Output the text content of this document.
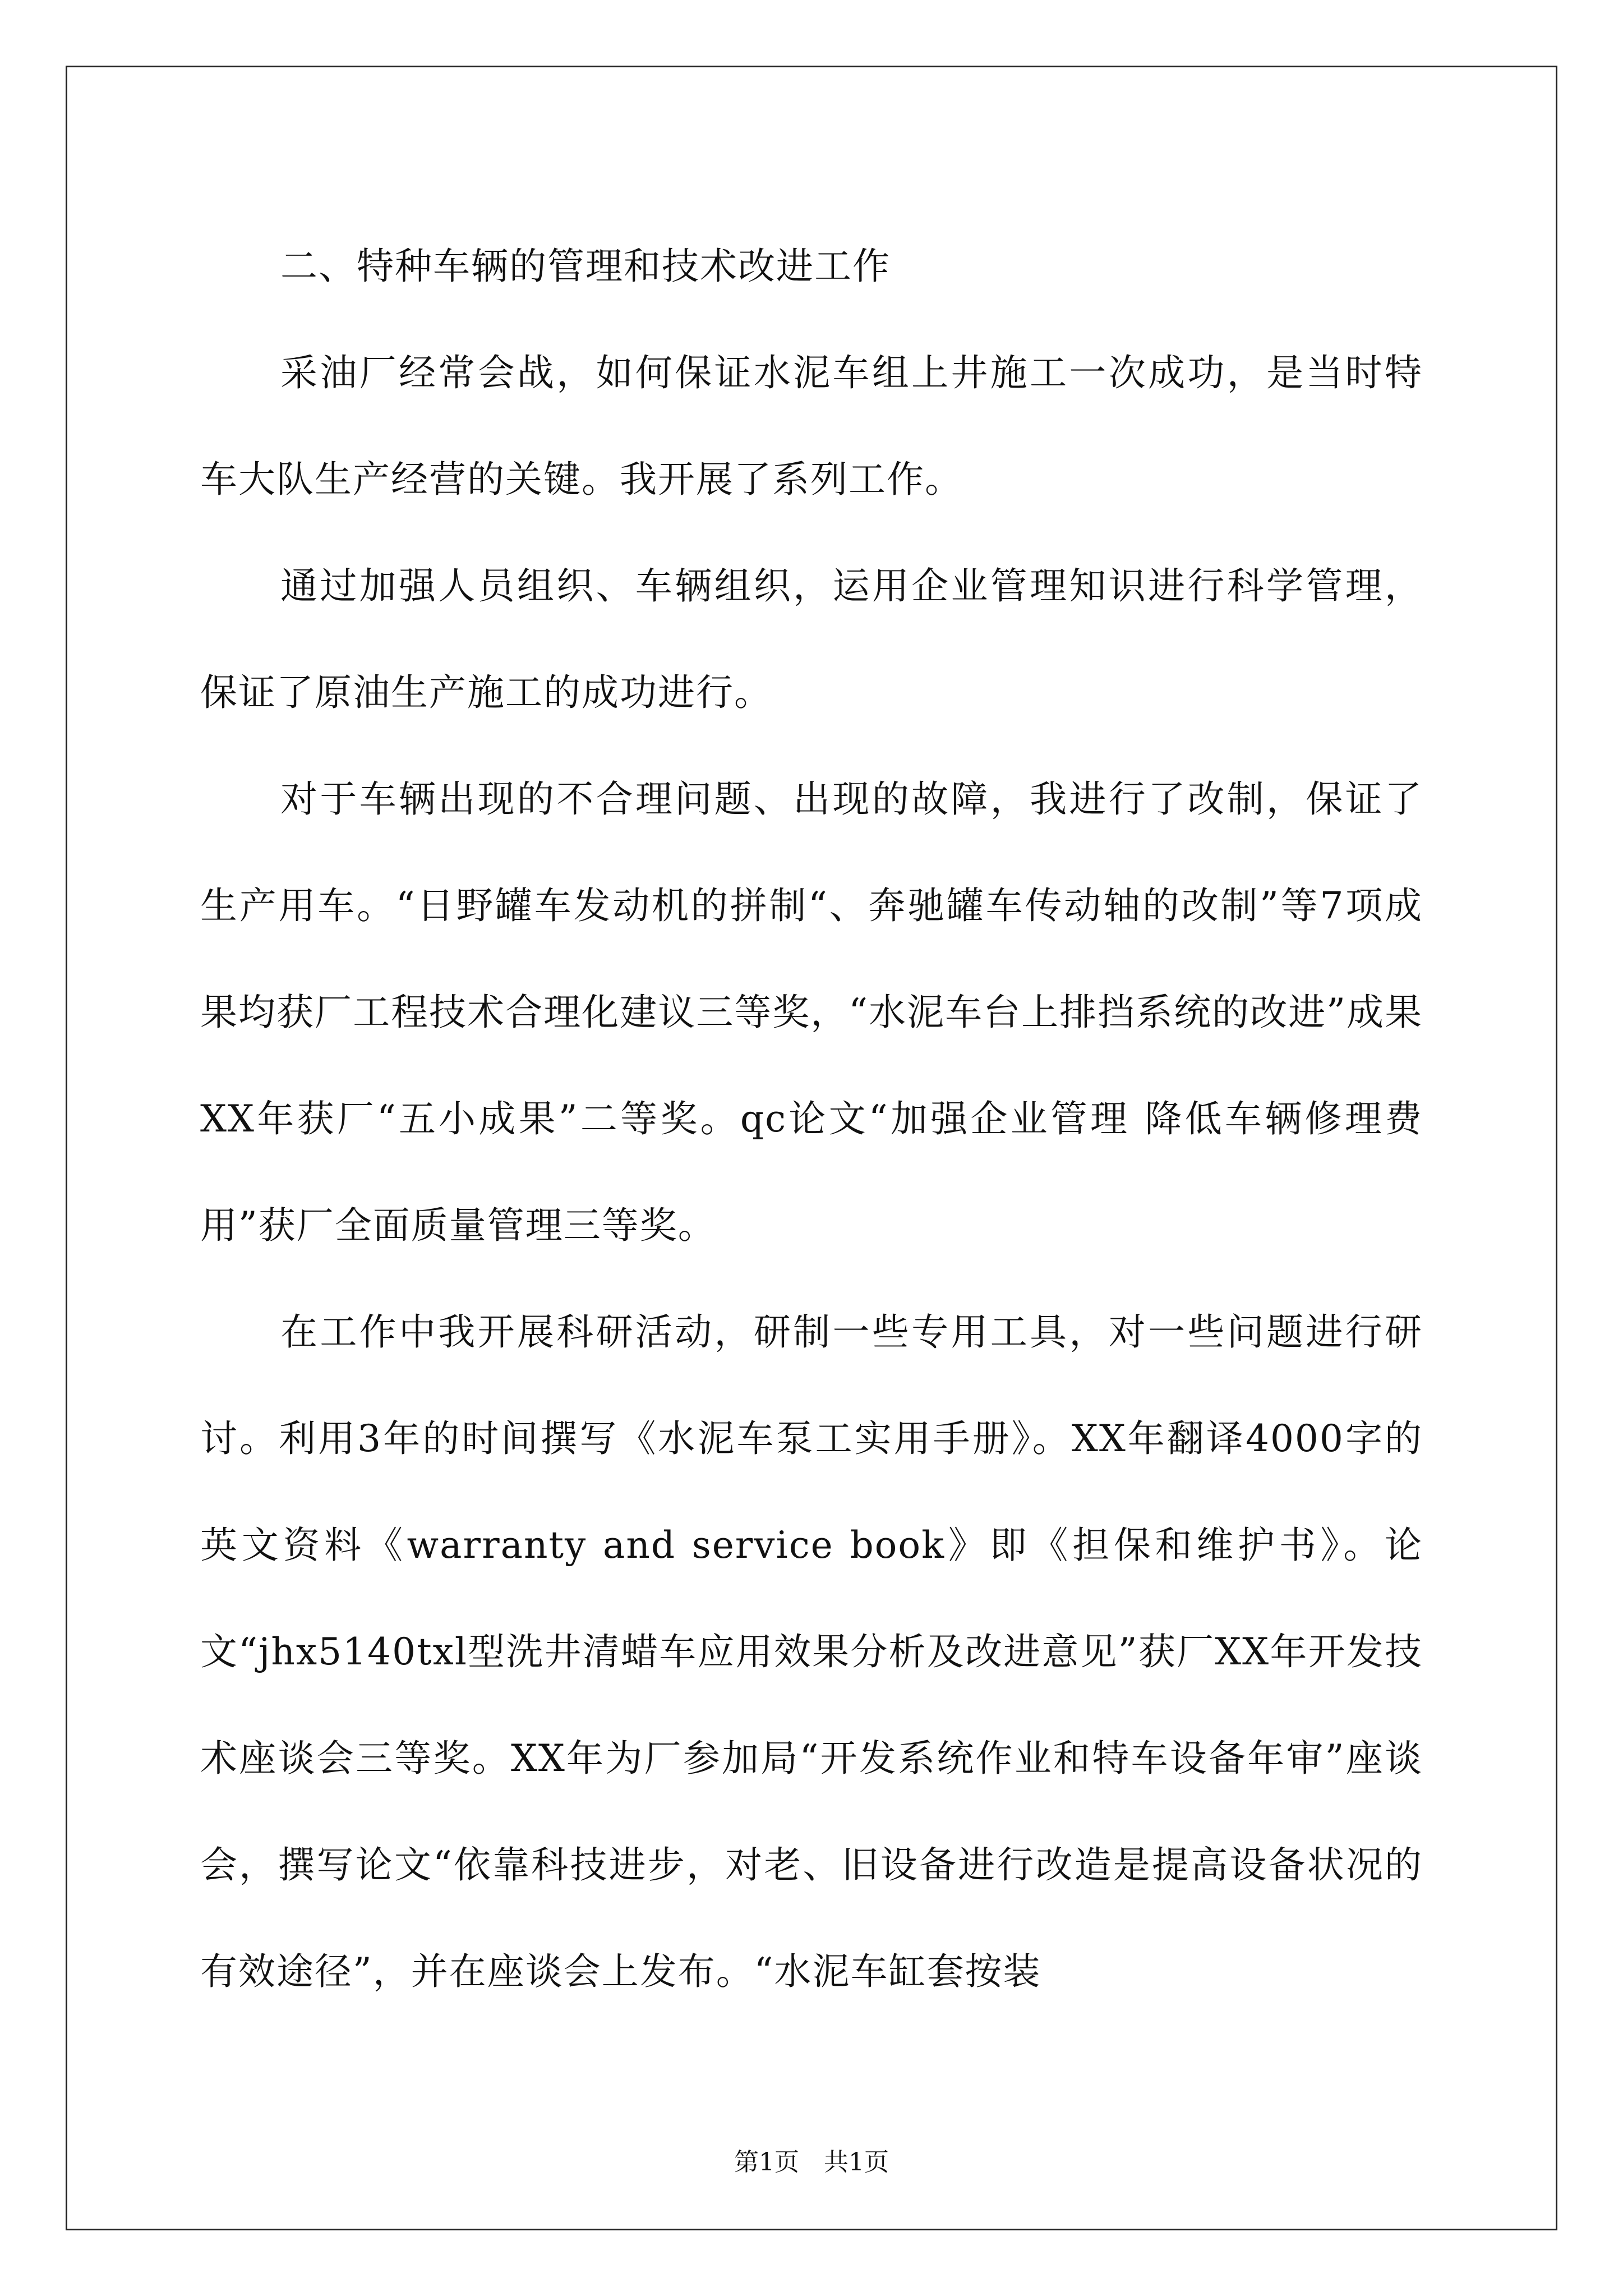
二、特种车辆的管理和技术改进工作

采油厂经常会战，如何保证水泥车组上井施工一次成功，是当时特车大队生产经营的关键。我开展了系列工作。

通过加强人员组织、车辆组织，运用企业管理知识进行科学管理，保证了原油生产施工的成功进行。

对于车辆出现的不合理问题、出现的故障，我进行了改制，保证了生产用车。“日野罐车发动机的拼制“、奔驰罐车传动轴的改制”等7项成果均获厂工程技术合理化建议三等奖，“水泥车台上排挡系统的改进”成果XX年获厂“五小成果”二等奖。qc论文“加强企业管理 降低车辆修理费用”获厂全面质量管理三等奖。

在工作中我开展科研活动，研制一些专用工具，对一些问题进行研讨。利用3年的时间撰写《水泥车泵工实用手册》。XX年翻译4000字的英文资料《warranty and service book》即《担保和维护书》。论文“jhx5140txl型洗井清蜡车应用效果分析及改进意见”获厂XX年开发技术座谈会三等奖。XX年为厂参加局“开发系统作业和特车设备年审”座谈会，撰写论文“依靠科技进步，对老、旧设备进行改造是提高设备状况的有效途径”，并在座谈会上发布。“水泥车缸套按装

第1页　共1页
